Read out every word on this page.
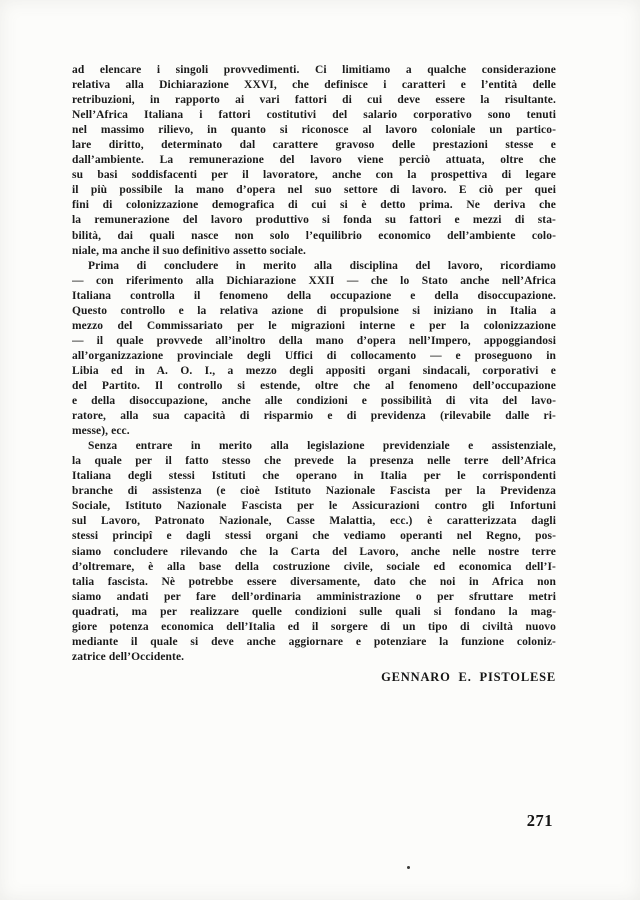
ad elencare i singoli provvedimenti. Ci limitiamo a qualche considerazione
relativa alla Dichiarazione XXVI, che definisce i caratteri e l’entità delle
retribuzioni, in rapporto ai vari fattori di cui deve essere la risultante.
Nell’Africa Italiana i fattori costitutivi del salario corporativo sono tenuti
nel massimo rilievo, in quanto si riconosce al lavoro coloniale un partico-
lare diritto, determinato dal carattere gravoso delle prestazioni stesse e
dall’ambiente. La remunerazione del lavoro viene perciò attuata, oltre che
su basi soddisfacenti per il lavoratore, anche con la prospettiva di legare
il più possibile la mano d’opera nel suo settore di lavoro. E ciò per quei
fini di colonizzazione demografica di cui si è detto prima. Ne deriva che
la remunerazione del lavoro produttivo si fonda su fattori e mezzi di sta-
bilità, dai quali nasce non solo l’equilibrio economico dell’ambiente colo-
niale, ma anche il suo definitivo assetto sociale.
Prima di concludere in merito alla disciplina del lavoro, ricordiamo
— con riferimento alla Dichiarazione XXII — che lo Stato anche nell’Africa
Italiana controlla il fenomeno della occupazione e della disoccupazione.
Questo controllo e la relativa azione di propulsione si iniziano in Italia a
mezzo del Commissariato per le migrazioni interne e per la colonizzazione
— il quale provvede all’inoltro della mano d’opera nell’Impero, appoggiandosi
all’organizzazione provinciale degli Uffici di collocamento — e proseguono in
Libia ed in A. O. I., a mezzo degli appositi organi sindacali, corporativi e
del Partito. Il controllo si estende, oltre che al fenomeno dell’occupazione
e della disoccupazione, anche alle condizioni e possibilità di vita del lavo-
ratore, alla sua capacità di risparmio e di previdenza (rilevabile dalle ri-
messe), ecc.
Senza entrare in merito alla legislazione previdenziale e assistenziale,
la quale per il fatto stesso che prevede la presenza nelle terre dell’Africa
Italiana degli stessi Istituti che operano in Italia per le corrispondenti
branche di assistenza (e cioè Istituto Nazionale Fascista per la Previdenza
Sociale, Istituto Nazionale Fascista per le Assicurazioni contro gli Infortuni
sul Lavoro, Patronato Nazionale, Casse Malattia, ecc.) è caratterizzata dagli
stessi principî e dagli stessi organi che vediamo operanti nel Regno, pos-
siamo concludere rilevando che la Carta del Lavoro, anche nelle nostre terre
d’oltremare, è alla base della costruzione civile, sociale ed economica dell’I-
talia fascista. Nè potrebbe essere diversamente, dato che noi in Africa non
siamo andati per fare dell’ordinaria amministrazione o per sfruttare metri
quadrati, ma per realizzare quelle condizioni sulle quali si fondano la mag-
giore potenza economica dell’Italia ed il sorgere di un tipo di civiltà nuovo
mediante il quale si deve anche aggiornare e potenziare la funzione coloniz-
zatrice dell’Occidente.
GENNARO E. PISTOLESE
271
